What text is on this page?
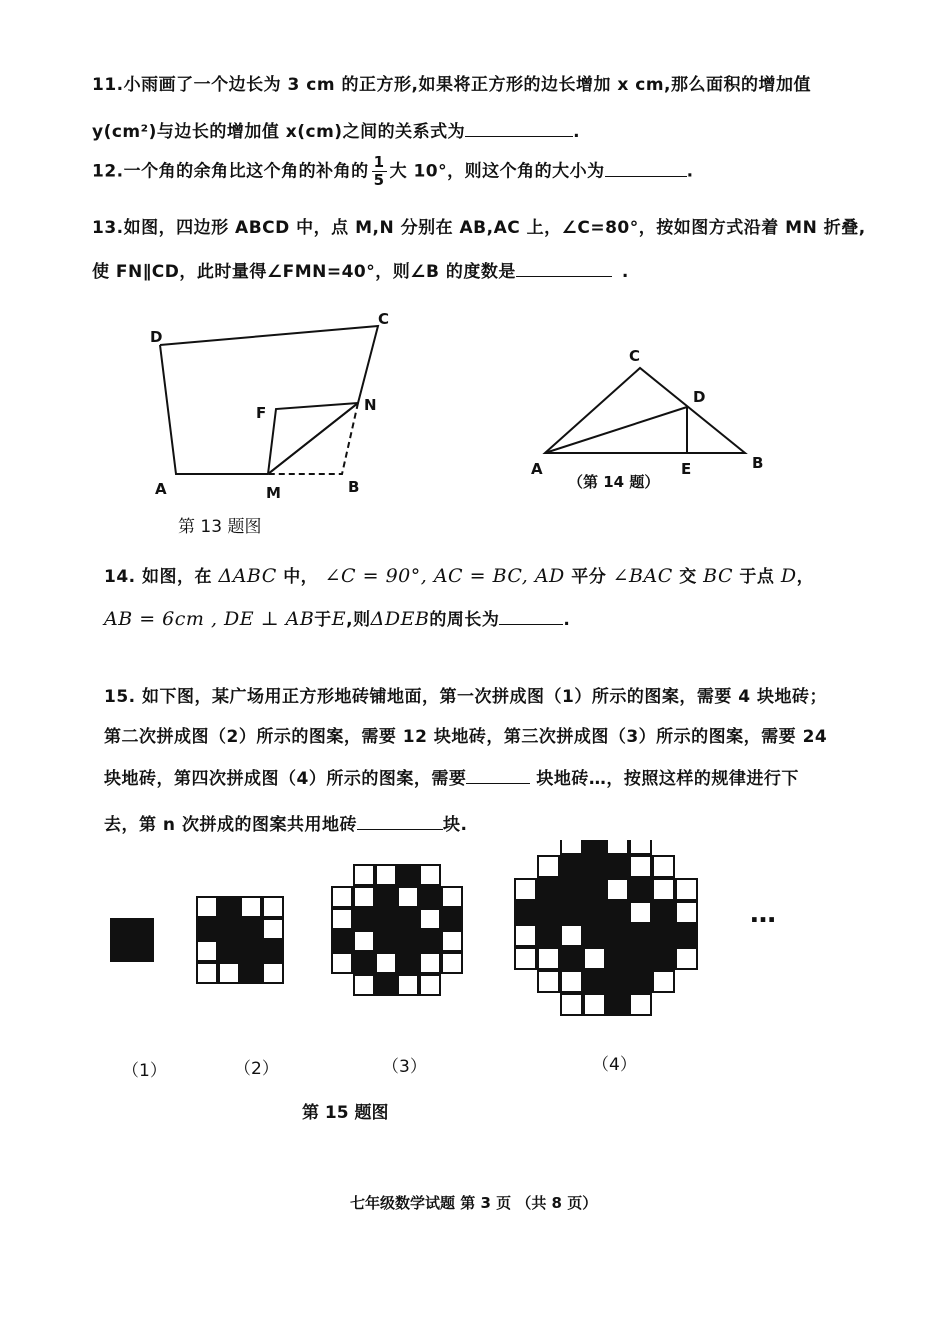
11.小雨画了一个边长为 3 cm 的正方形,如果将正方形的边长增加 x cm,那么面积的增加值
y(cm²)与边长的增加值 x(cm)之间的关系式为	.
12.一个角的余角比这个角的补角的 $\frac{1}{5}$ 大 10°，则这个角的大小为	.
13.如图，四边形 ABCD 中，点 M,N 分别在 AB,AC 上，∠C=80°，按如图方式沿着 MN 折叠,
使 FN∥CD，此时量得∠FMN=40°，则∠B 的度数是	.
D
C
F	N
A	M	B
C
D
A	E	B
（第 14 题）
第 13 题图
14. 如图，在 ΔABC 中， ∠C = 90°, AC = BC, AD 平分 ∠BAC 交 BC 于点 D，
AB = 6cm , DE ⊥ AB于E,则ΔDEB的周长为	.
15. 如下图，某广场用正方形地砖铺地面，第一次拼成图（1）所示的图案，需要 4 块地砖；
第二次拼成图（2）所示的图案，需要 12 块地砖，第三次拼成图（3）所示的图案，需要 24
块地砖，第四次拼成图（4）所示的图案，需要	块地砖…，按照这样的规律进行下
去，第 n 次拼成的图案共用地砖	块.
…
（1）	（2）	（3）	（4）
第 15 题图
七年级数学试题 第 3 页 （共 8 页）
